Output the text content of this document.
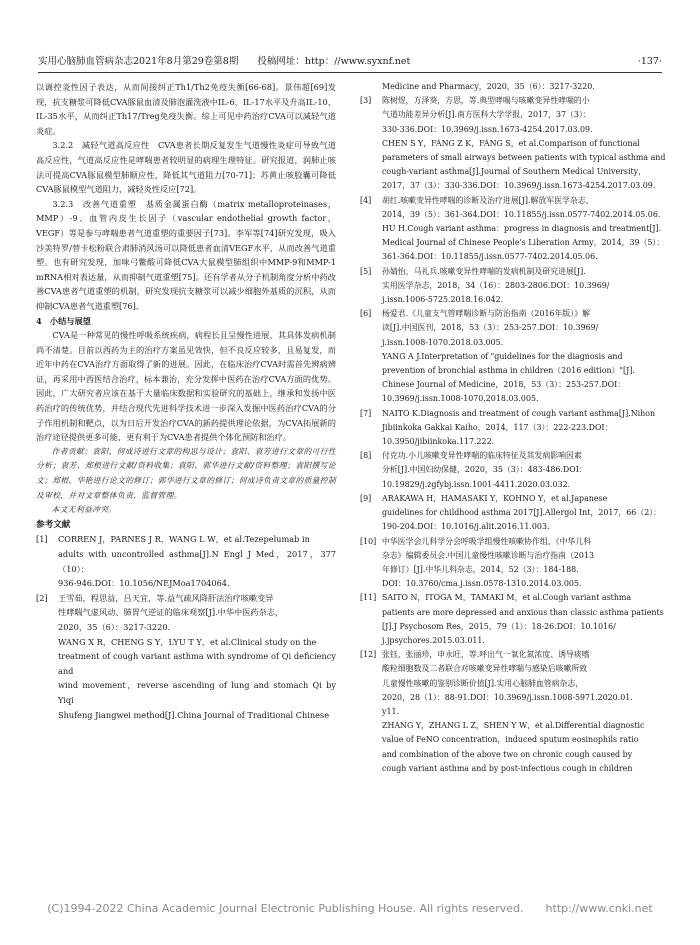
实用心脑肺血管病杂志2021年8月第29卷第8期　　投稿网址：http：//www.syxnf.net	·137·

以调控炎性因子表达，从而间接纠正Th1/Th2免疫失衡[66-68]。景伟超[69]发现，抗支糖浆可降低CVA豚鼠血清及肺泡灌洗液中IL-6、IL-17水平及升高IL-10、IL-35水平，从而纠正Th17/Treg免疫失衡。综上可见中药治疗CVA可以减轻气道炎症。

3.2.2　减轻气道高反应性　CVA患者长期反复发生气道慢性炎症可导致气道高反应性，气道高反应性是哮喘患者较明显的病理生理特征。研究报道，润肺止咳法可提高CVA豚鼠模型肺顺应性，降低其气道阻力[70-71]；苏黄止咳胶囊可降低CVA豚鼠模型气道阻力，减轻炎性反应[72]。

3.2.3　改善气道重塑　基质金属蛋白酶（matrix metalloproteinases，MMP）-9、血管内皮生长因子（vascular endothelial growth factor，VEGF）等是参与哮喘患者气道重塑的重要因子[73]。李军等[74]研究发现，吸入沙美特罗/替卡松粉联合肃肺消风汤可以降低患者血清VEGF水平，从而改善气道重塑。也有研究发现，加味弓鳖酸可降低CVA大鼠模型肺组织中MMP-9和MMP-1 mRNA相对表达量，从而抑制气道重塑[75]。还有学者从分子机制角度分析中药改善CVA患者气道重塑的机制，研究发现抗支糖浆可以减少细胞外基质的沉积，从而抑制CVA患者气道重塑[76]。

4　小结与展望

CVA是一种常见的慢性呼吸系统疾病，病程长且呈慢性进展，其具体发病机制尚不清楚。目前以西药为主的治疗方案虽见效快，但不良反应较多，且易复发，而近年中药在CVA治疗方面取得了新的进展。因此，在临床治疗CVA时需首先辨病辨证，再采用中西医结合治疗，标本兼治，充分发挥中医药在治疗CVA方面的优势。因此，广大研究者应该在基于大量临床数据和实验研究的基础上，继承和发扬中医药治疗的传统优势，并结合现代先进科学技术进一步深入发掘中医药治疗CVA的分子作用机制和靶点，以为日后开发治疗CVA的新药提供理论依据，为CVA拓展新的治疗途径提供更多可能，更有利于为CVA患者提供个体化预防和治疗。

作者贡献：袁阳、何成诗进行文章的构思与设计；袁阳、袁芳进行文章的可行性分析；袁芳、郑根进行文献/资料收集；袁阳、郭华进行文献/资料整理；袁阳撰写论文；郑根、华艳进行论文的修订；郭华进行文章的修订；何成诗负责文章的质量控制及审校，并对文章整体负责、监督管理。

本文无利益冲突。

参考文献

[1] CORREN J，PARNES J R，WANG L W，et al.Tezepelumab in
adults with uncontrolled asthma[J].N Engl J Med，2017，377（10）：
936-946.DOI：10.1056/NEJMoa1704064.
[2] 王雪茹，程思益，吕天宜，等.益气疏风降肝法治疗咳嗽变异
性哮喘气虚风动、肺胃气逆证的临床观察[J].中华中医药杂志，
2020，35（6）：3217-3220.
WANG X R，CHENG S Y，LYU T Y，et al.Clinical study on the
treatment of cough variant asthma with syndrome of Qi deficiency and
wind movement，reverse ascending of lung and stomach Qi by Yiqi
Shufeng Jiangwei method[J].China Journal of Traditional Chinese
Medicine and Pharmacy，2020，35（6）：3217-3220.
[3] 陈树煜，方泽葵，方思，等.典型哮喘与咳嗽变异性哮喘的小
气道功能差异分析[J].南方医科大学学报，2017，37（3）：
330-336.DOI：10.3969/j.issn.1673-4254.2017.03.09.
CHEN S Y，FANG Z K，FANG S，et al.Comparison of functional
parameters of small airways between patients with typical asthma and
cough-variant asthma[J].Journal of Southern Medical University，
2017，37（3）：330-336.DOI：10.3969/j.issn.1673-4254.2017.03.09.
[4] 胡红.咳嗽变异性哮喘的诊断及治疗进展[J].解放军医学杂志，
2014，39（5）：361-364.DOI：10.11855/j.issn.0577-7402.2014.05.06.
HU H.Cough variant asthma：progress in diagnosis and treatment[J].
Medical Journal of Chinese People's Liberation Army，2014，39（5）：
361-364.DOI：10.11855/j.issn.0577-7402.2014.05.06.
[5] 孙婧怡，马礼兵.咳嗽变异性哮喘的发病机制及研究进展[J].
实用医学杂志，2018，34（16）：2803-2806.DOI：10.3969/
j.issn.1006-5725.2018.16.042.
[6] 杨爱君.《儿童支气管哮喘诊断与防治指南（2016年版）》解
读[J].中国医刊，2018，53（3）：253-257.DOI：10.3969/
j.issn.1008-1070.2018.03.005.
YANG A J.Interpretation of "guidelines for the diagnosis and
prevention of bronchial asthma in children（2016 edition）"[J].
Chinese Journal of Medicine，2018，53（3）：253-257.DOI：
10.3969/j.issn.1008-1070.2018.03.005.
[7] NAITO K.Diagnosis and treatment of cough variant asthma[J].Nihon
Jibiinkoka Gakkai Kaiho，2014，117（3）：222-223.DOI：
10.3950/jibiinkoka.117.222.
[8] 付克功.小儿咳嗽变异性哮喘的临床特征及其发病影响因素
分析[J].中国妇幼保健，2020，35（3）：483-486.DOI：
10.19829/j.zgfybj.issn.1001-4411.2020.03.032.
[9] ARAKAWA H，HAMASAKI Y，KOHNO Y，et al.Japanese
guidelines for childhood asthma 2017[J].Allergol Int，2017，66（2）：
190-204.DOI：10.1016/j.alit.2016.11.003.
[10] 中华医学会儿科学分会呼吸学组慢性咳嗽协作组，《中华儿科
杂志》编辑委员会.中国儿童慢性咳嗽诊断与治疗指南（2013
年修订）[J].中华儿科杂志，2014，52（3）：184-188.
DOI：10.3760/cma.j.issn.0578-1310.2014.03.005.
[11] SAITO N，ITOGA M，TAMAKI M，et al.Cough variant asthma
patients are more depressed and anxious than classic asthma patients
[J].J Psychosom Res，2015，79（1）：18-26.DOI：10.1016/
j.jpsychores.2015.03.011.
[12] 张钰，张丽珍，申永旺，等.呼出气一氧化氮浓度、诱导痰嗜
酸粒细胞数及二者联合对咳嗽变异性哮喘与感染后咳嗽所致
儿童慢性咳嗽的鉴别诊断价值[J].实用心脑肺血管病杂志，
2020，28（1）：88-91.DOI：10.3969/j.issn.1008-5971.2020.01.
y11.
ZHANG Y，ZHANG L Z，SHEN Y W，et al.Differential diagnostic
value of FeNO concentration，induced sputum eosinophils ratio
and combination of the above two on chronic cough caused by
cough variant asthma and by post-infectious cough in children
(C)1994-2022 China Academic Journal Electronic Publishing House. All rights reserved.　　http://www.cnki.net
